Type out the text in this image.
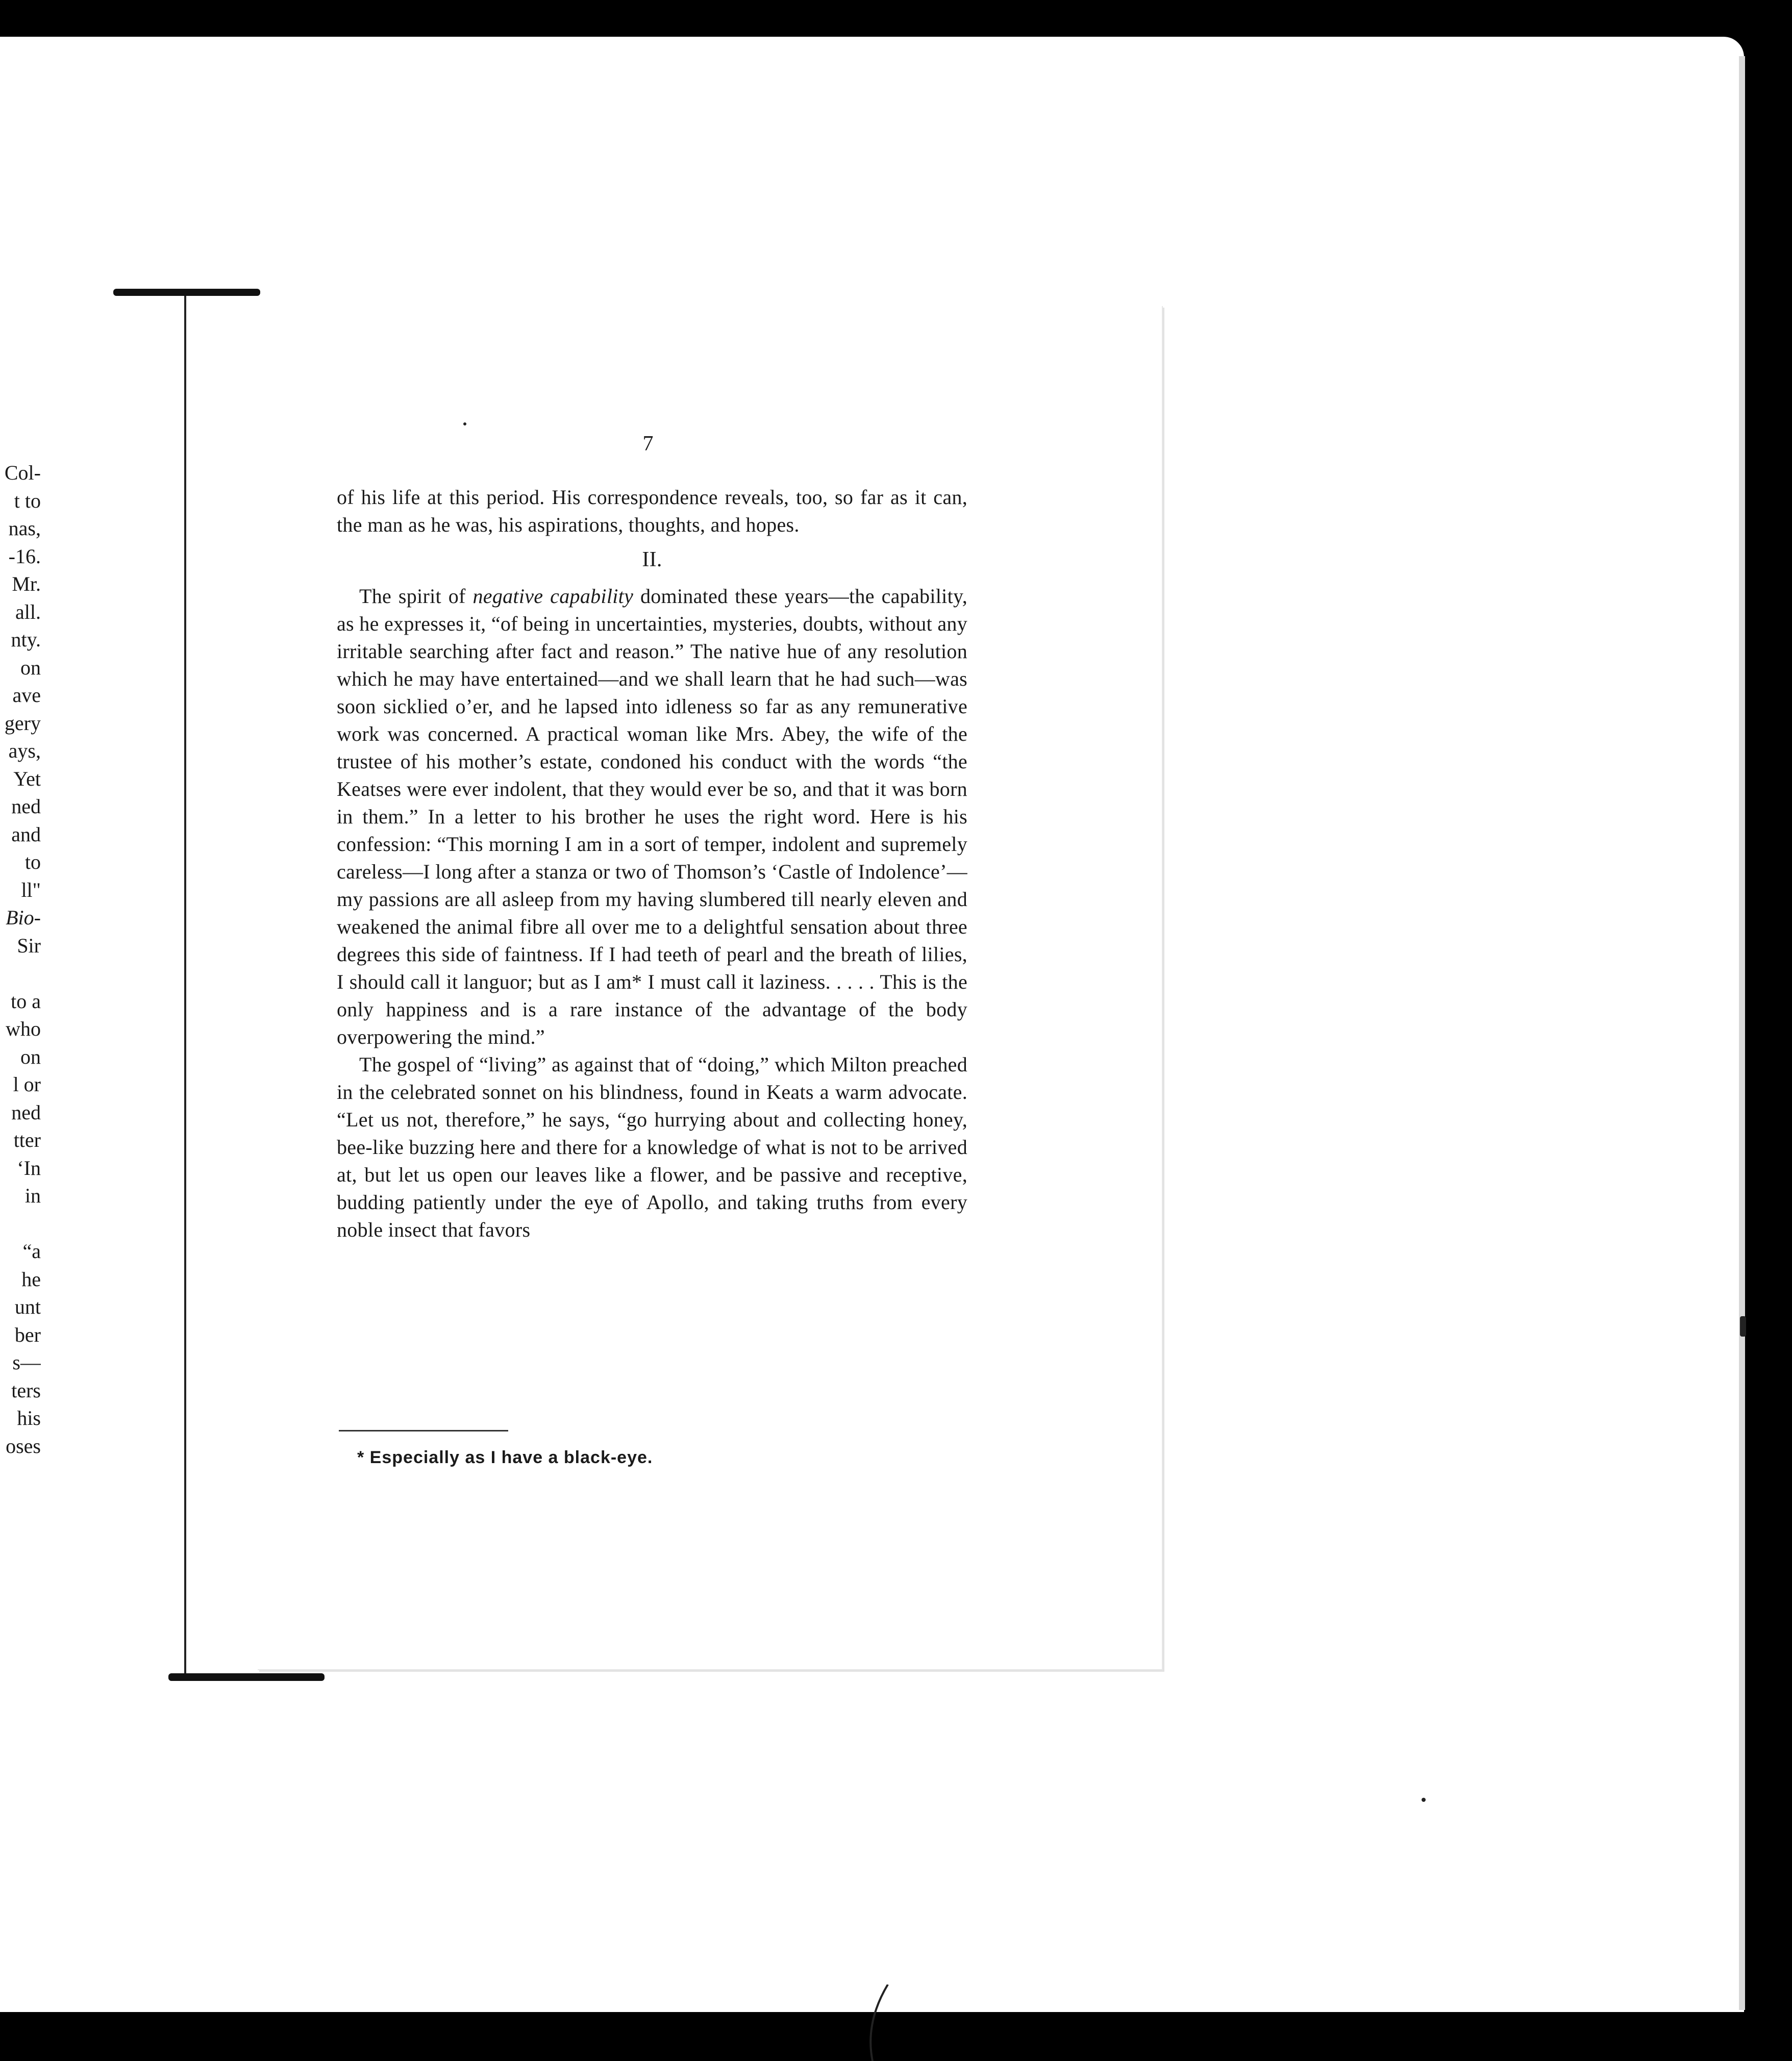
Col-
t to
nas,
-16.
Mr.
all.
nty.
on
ave
gery
ays,
Yet
ned
and
to
ll"
Bio-
Sir
to a
who
on
l or
ned
tter
‘In
in
“a
he
unt
ber
s—
ters
his
oses
7

of his life at this period. His correspondence reveals, too, so far as it can, the man as he was, his aspirations, thoughts, and hopes.

II.

The spirit of negative capability dominated these years—the capability, as he expresses it, “of being in uncertainties, mysteries, doubts, without any irritable searching after fact and reason.” The native hue of any resolution which he may have entertained—and we shall learn that he had such—was soon sicklied o’er, and he lapsed into idleness so far as any remunerative work was concerned. A practical woman like Mrs. Abey, the wife of the trustee of his mother’s estate, condoned his conduct with the words “the Keatses were ever indolent, that they would ever be so, and that it was born in them.” In a letter to his brother he uses the right word. Here is his confession: “This morning I am in a sort of temper, indolent and supremely careless—I long after a stanza or two of Thomson’s ‘Castle of Indolence’—my passions are all asleep from my having slumbered till nearly eleven and weakened the animal fibre all over me to a delightful sensation about three degrees this side of faintness. If I had teeth of pearl and the breath of lilies, I should call it languor; but as I am* I must call it laziness. . . . . This is the only happiness and is a rare instance of the advantage of the body overpowering the mind.”

The gospel of “living” as against that of “doing,” which Milton preached in the celebrated sonnet on his blindness, found in Keats a warm advocate. “Let us not, therefore,” he says, “go hurrying about and collecting honey, bee-like buzzing here and there for a knowledge of what is not to be arrived at, but let us open our leaves like a flower, and be passive and receptive, budding patiently under the eye of Apollo, and taking truths from every noble insect that favors

* Especially as I have a black-eye.
